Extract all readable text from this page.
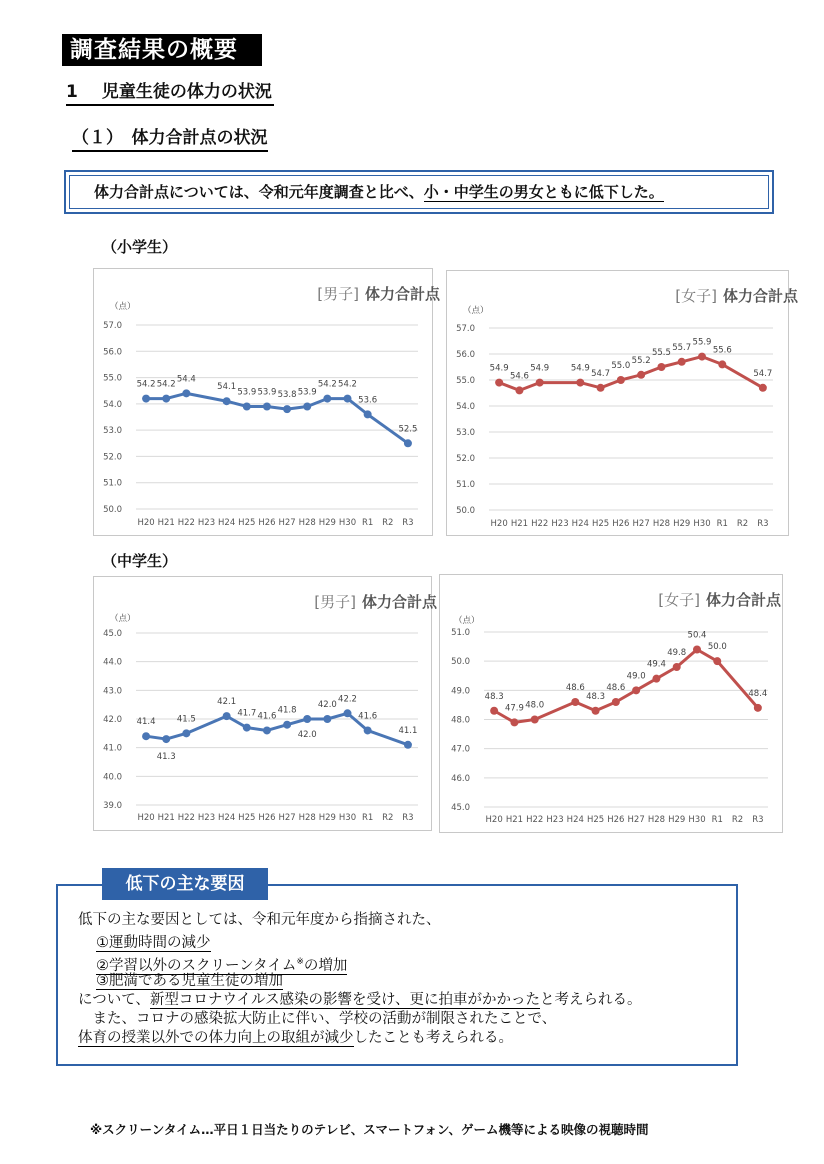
調査結果の概要
1 児童生徒の体力の状況
（１）　体力合計点の状況
体力合計点については、令和元年度調査と比べ、小・中学生の男女ともに低下した。
（小学生）
（中学生）
[男子] 体力合計点
（点）
50.0
51.0
52.0
53.0
54.0
55.0
56.0
57.0
H20 H21 H22 H23 H24 H25 H26 H27 H28 H29 H30 R1 R2 R3
54.2 54.2
54.4
54.1
53.9 53.9 53.8 53.9
54.2 54.2
53.6
52.5
[女子] 体力合計点
（点）
50.0
51.0
52.0
53.0
54.0
55.0
56.0
57.0
H20 H21 H22 H23 H24 H25 H26 H27 H28 H29 H30 R1 R2 R3
54.9
54.6
54.9	54.9
54.7
55.0
55.2
55.5
55.7
55.9
55.6
54.7
[男子] 体力合計点
（点）
39.0
40.0
41.0
42.0
43.0
44.0
45.0
H20 H21 H22 H23 H24 H25 H26 H27 H28 H29 H30 R1 R2 R3
41.4
41.3
41.5
42.1
41.7 41.6
41.8
42.0
42.0
42.2
41.6
41.1
[女子] 体力合計点
（点）
45.0
46.0
47.0
48.0
49.0
50.0
51.0
H20 H21 H22 H23 H24 H25 H26 H27 H28 H29 H30 R1 R2 R3
48.3
47.9 48.0
48.6
48.3
48.6
49.0
49.4
49.8
50.4
50.0
48.4
低下の主な要因
低下の主な要因としては、令和元年度から指摘された、
①運動時間の減少
②学習以外のスクリーンタイム※の増加
③肥満である児童生徒の増加
について、新型コロナウイルス感染の影響を受け、更に拍車がかかったと考えられる。
　また、コロナの感染拡大防止に伴い、学校の活動が制限されたことで、
体育の授業以外での体力向上の取組が減少したことも考えられる。
※スクリーンタイム…平日１日当たりのテレビ、スマートフォン、ゲーム機等による映像の視聴時間
